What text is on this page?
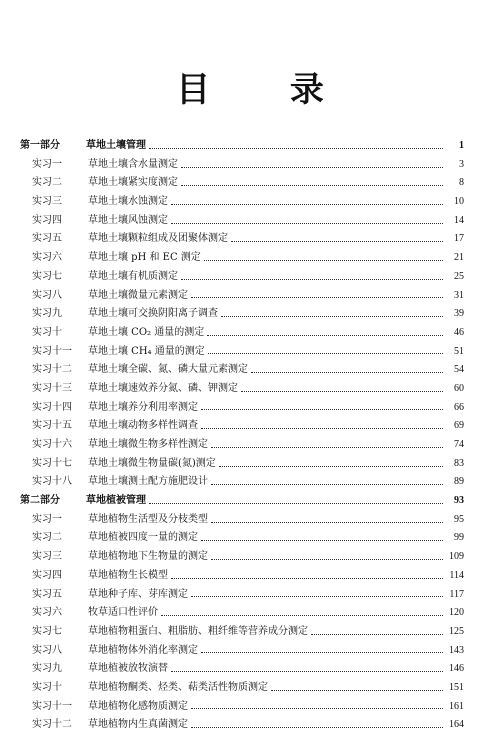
目 录
第一部分	草地土壤管理	1
实习一	草地土壤含水量测定	3
实习二	草地土壤紧实度测定	8
实习三	草地土壤水蚀测定	10
实习四	草地土壤风蚀测定	14
实习五	草地土壤颗粒组成及团聚体测定	17
实习六	草地土壤 pH 和 EC 测定	21
实习七	草地土壤有机质测定	25
实习八	草地土壤微量元素测定	31
实习九	草地土壤可交换阴阳离子调查	39
实习十	草地土壤 CO₂ 通量的测定	46
实习十一	草地土壤 CH₄ 通量的测定	51
实习十二	草地土壤全碳、氮、磷大量元素测定	54
实习十三	草地土壤速效养分氮、磷、钾测定	60
实习十四	草地土壤养分利用率测定	66
实习十五	草地土壤动物多样性调查	69
实习十六	草地土壤微生物多样性测定	74
实习十七	草地土壤微生物量碳(氮)测定	83
实习十八	草地土壤测土配方施肥设计	89
第二部分	草地植被管理	93
实习一	草地植物生活型及分枝类型	95
实习二	草地植被四度一量的测定	99
实习三	草地植物地下生物量的测定	109
实习四	草地植物生长模型	114
实习五	草地种子库、芽库测定	117
实习六	牧草适口性评价	120
实习七	草地植物粗蛋白、粗脂肪、粗纤维等营养成分测定	125
实习八	草地植物体外消化率测定	143
实习九	草地植被放牧演替	146
实习十	草地植物酮类、烃类、萜类活性物质测定	151
实习十一	草地植物化感物质测定	161
实习十二	草地植物内生真菌测定	164
